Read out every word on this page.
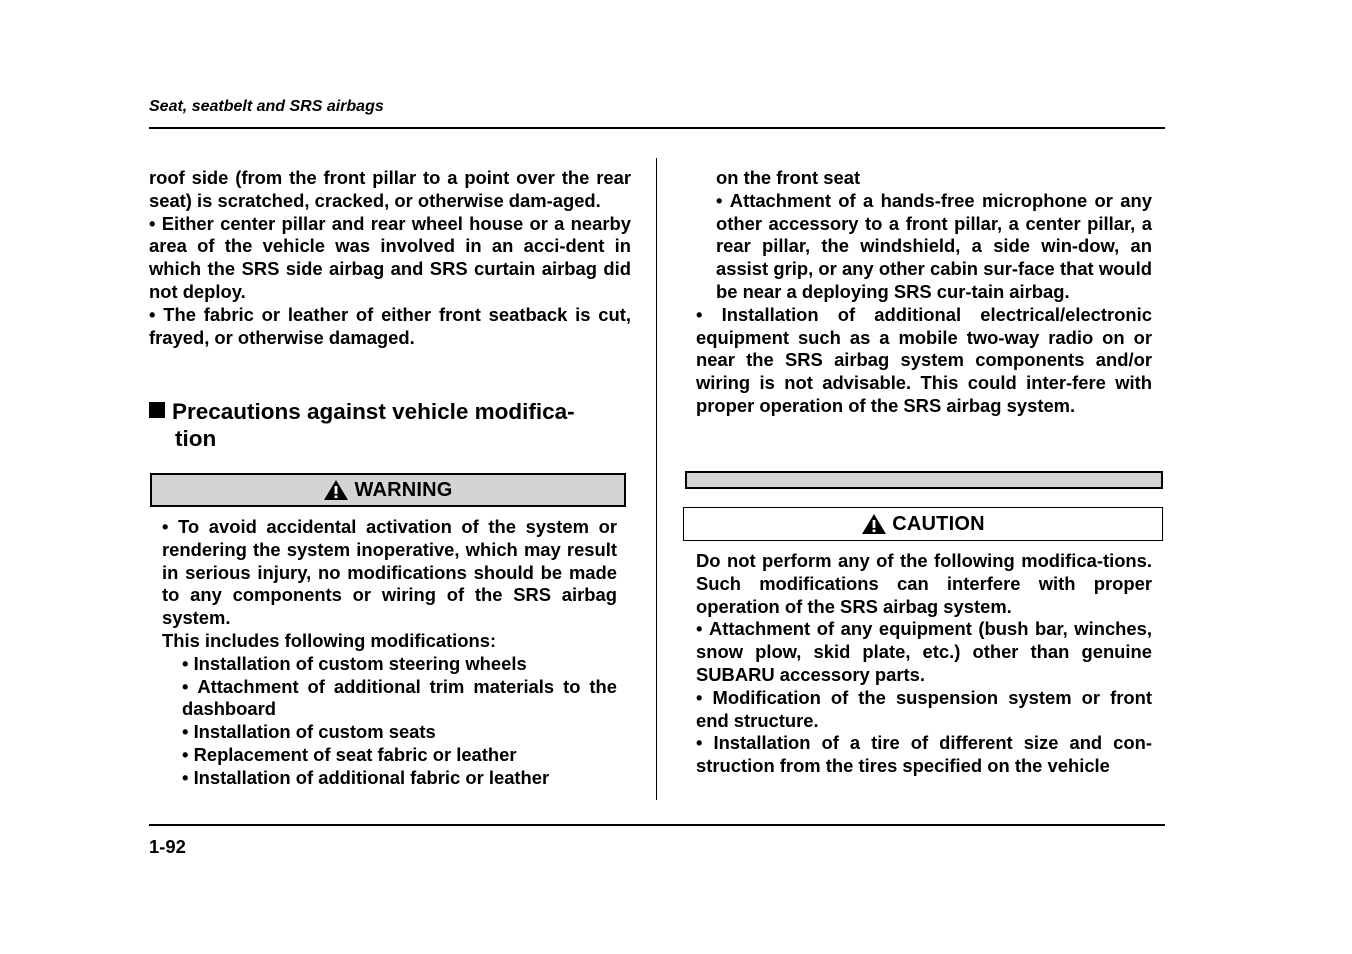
Seat, seatbelt and SRS airbags

roof side (from the front pillar to a point over the rear seat) is scratched, cracked, or otherwise dam-aged.

• Either center pillar and rear wheel house or a nearby area of the vehicle was involved in an acci-dent in which the SRS side airbag and SRS curtain airbag did not deploy.

• The fabric or leather of either front seatback is cut, frayed, or otherwise damaged.

Precautions against vehicle modifica-
tion
WARNING

• To avoid accidental activation of the system or rendering the system inoperative, which may result in serious injury, no modifications should be made to any components or wiring of the SRS airbag system.

This includes following modifications:

• Installation of custom steering wheels

• Attachment of additional trim materials to the dashboard

• Installation of custom seats

• Replacement of seat fabric or leather

• Installation of additional fabric or leather

on the front seat

• Attachment of a hands-free microphone or any other accessory to a front pillar, a center pillar, a rear pillar, the windshield, a side win-dow, an assist grip, or any other cabin sur-face that would be near a deploying SRS cur-tain airbag.

• Installation of additional electrical/electronic equipment such as a mobile two-way radio on or near the SRS airbag system components and/or wiring is not advisable. This could inter-fere with proper operation of the SRS airbag system.

CAUTION

Do not perform any of the following modifica-tions. Such modifications can interfere with proper operation of the SRS airbag system.

• Attachment of any equipment (bush bar, winches, snow plow, skid plate, etc.) other than genuine SUBARU accessory parts.

• Modification of the suspension system or front end structure.

• Installation of a tire of different size and con-struction from the tires specified on the vehicle

1-92
